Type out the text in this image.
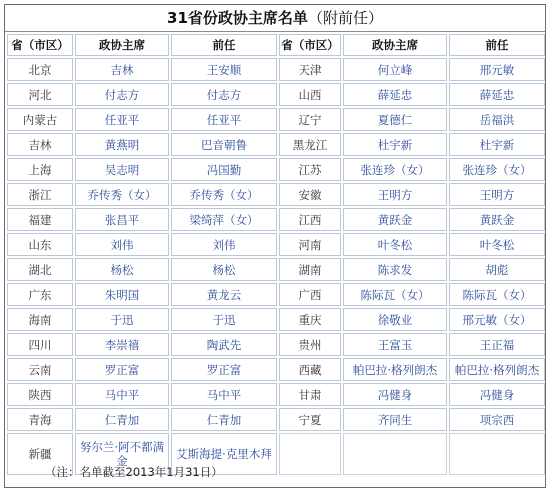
31省份政协主席名单（附前任）
省（市区）	政协主席	前任	省（市区）	政协主席	前任
北京	吉林	王安顺	天津	何立峰	邢元敏
河北	付志方	付志方	山西	薛延忠	薛延忠
内蒙古	任亚平	任亚平	辽宁	夏德仁	岳福洪
吉林	黄燕明	巴音朝鲁	黑龙江	杜宇新	杜宇新
上海	吴志明	冯国勤	江苏	张连珍（女）	张连珍（女）
浙江	乔传秀（女）	乔传秀（女）	安徽	王明方	王明方
福建	张昌平	梁绮萍（女）	江西	黄跃金	黄跃金
山东	刘伟	刘伟	河南	叶冬松	叶冬松
湖北	杨松	杨松	湖南	陈求发	胡彪
广东	朱明国	黄龙云	广西	陈际瓦（女）	陈际瓦（女）
海南	于迅	于迅	重庆	徐敬业	邢元敏（女）
四川	李崇禧	陶武先	贵州	王富玉	王正福
云南	罗正富	罗正富	西藏	帕巴拉·格列朗杰	帕巴拉·格列朗杰
陕西	马中平	马中平	甘肃	冯健身	冯健身
青海	仁青加	仁青加	宁夏	齐同生	项宗西
新疆	努尔兰·阿不都满金	艾斯海提·克里木拜			
（注：名单截至2013年1月31日）
